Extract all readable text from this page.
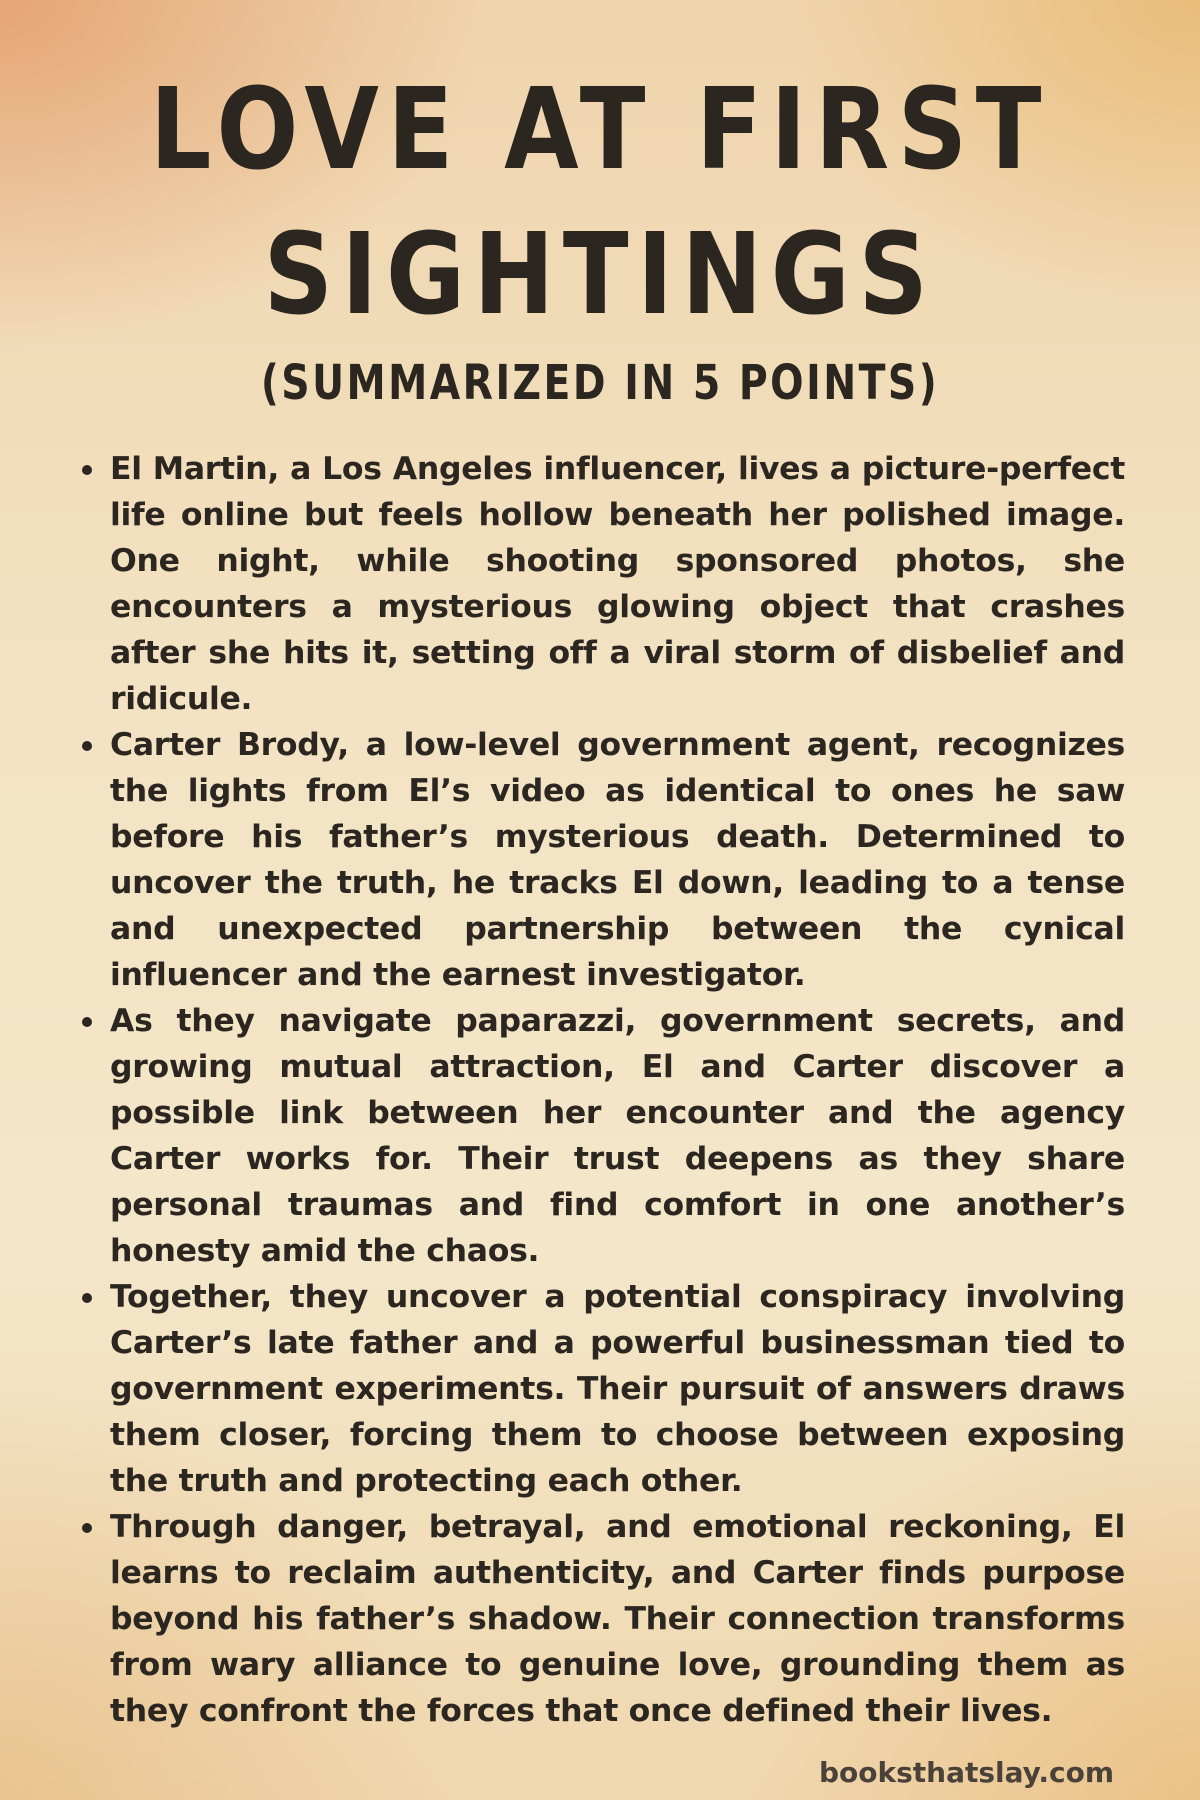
LOVE AT FIRST
SIGHTINGS
(SUMMARIZED IN 5 POINTS)
El Martin, a Los Angeles influencer, lives a picture-perfect life online but feels hollow beneath her polished image. One night, while shooting sponsored photos, she encounters a mysterious glowing object that crashes after she hits it, setting off a viral storm of disbelief and ridicule.
Carter Brody, a low-level government agent, recognizes the lights from El’s video as identical to ones he saw before his father’s mysterious death. Determined to uncover the truth, he tracks El down, leading to a tense and unexpected partnership between the cynical influencer and the earnest investigator.
As they navigate paparazzi, government secrets, and growing mutual attraction, El and Carter discover a possible link between her encounter and the agency Carter works for. Their trust deepens as they share personal traumas and find comfort in one another’s honesty amid the chaos.
Together, they uncover a potential conspiracy involving Carter’s late father and a powerful businessman tied to government experiments. Their pursuit of answers draws them closer, forcing them to choose between exposing the truth and protecting each other.
Through danger, betrayal, and emotional reckoning, El learns to reclaim authenticity, and Carter finds purpose beyond his father’s shadow. Their connection transforms from wary alliance to genuine love, grounding them as they confront the forces that once defined their lives.
booksthatslay.com
